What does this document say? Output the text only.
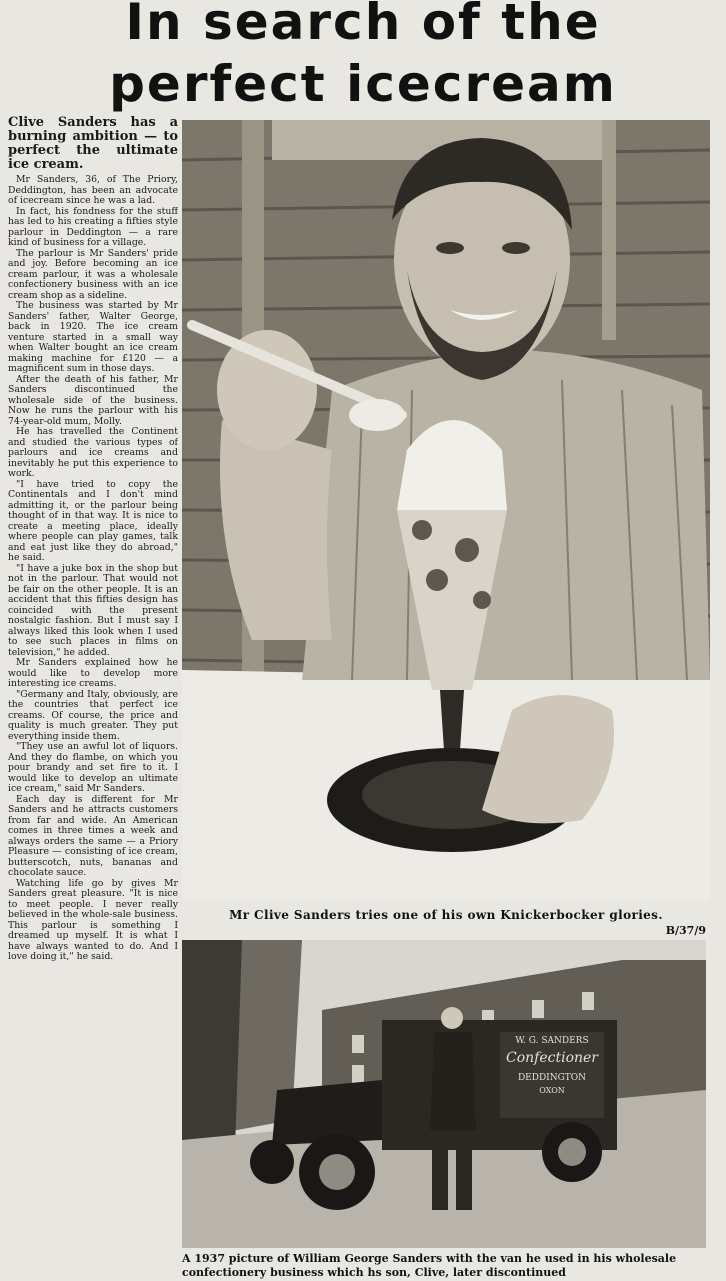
In search of the
perfect icecream
Clive Sanders has a burning ambition — to perfect the ultimate ice cream.

Mr Sanders, 36, of The Priory, Deddington, has been an advocate of icecream since he was a lad.

In fact, his fondness for the stuff has led to his creating a fifties style parlour in Deddington — a rare kind of business for a village.

The parlour is Mr Sanders' pride and joy. Before becoming an ice cream parlour, it was a wholesale confectionery business with an ice cream shop as a sideline.

The business was started by Mr Sanders' father, Walter George, back in 1920. The ice cream venture started in a small way when Walter bought an ice cream making machine for £120 — a magnificent sum in those days.

After the death of his father, Mr Sanders discontinued the wholesale side of the business. Now he runs the parlour with his 74-year-old mum, Molly.

He has travelled the Continent and studied the various types of parlours and ice creams and inevitably he put this experience to work.

"I have tried to copy the Continentals and I don't mind admitting it, or the parlour being thought of in that way. It is nice to create a meeting place, ideally where people can play games, talk and eat just like they do abroad," he said.

"I have a juke box in the shop but not in the parlour. That would not be fair on the other people. It is an accident that this fifties design has coincided with the present nostalgic fashion. But I must say I always liked this look when I used to see such places in films on television," he added.

Mr Sanders explained how he would like to develop more interesting ice creams.

"Germany and Italy, obviously, are the countries that perfect ice creams. Of course, the price and quality is much greater. They put everything inside them.

"They use an awful lot of liquors. And they do flambe, on which you pour brandy and set fire to it. I would like to develop an ultimate ice cream," said Mr Sanders.

Each day is different for Mr Sanders and he attracts customers from far and wide. An American comes in three times a week and always orders the same — a Priory Pleasure — consisting of ice cream, butterscotch, nuts, bananas and chocolate sauce.

Watching life go by gives Mr Sanders great pleasure. "It is nice to meet people. I never really believed in the whole-sale business. This parlour is something I dreamed up myself. It is what I have always wanted to do. And I love doing it," he said.

Mr Clive Sanders tries one of his own Knickerbocker glories.
B/37/9
W. G. SANDERS
Confectioner
DEDDINGTON
OXON
A 1937 picture of William George Sanders with the van he used in his wholesale confectionery business which hs son, Clive, later discontinued
